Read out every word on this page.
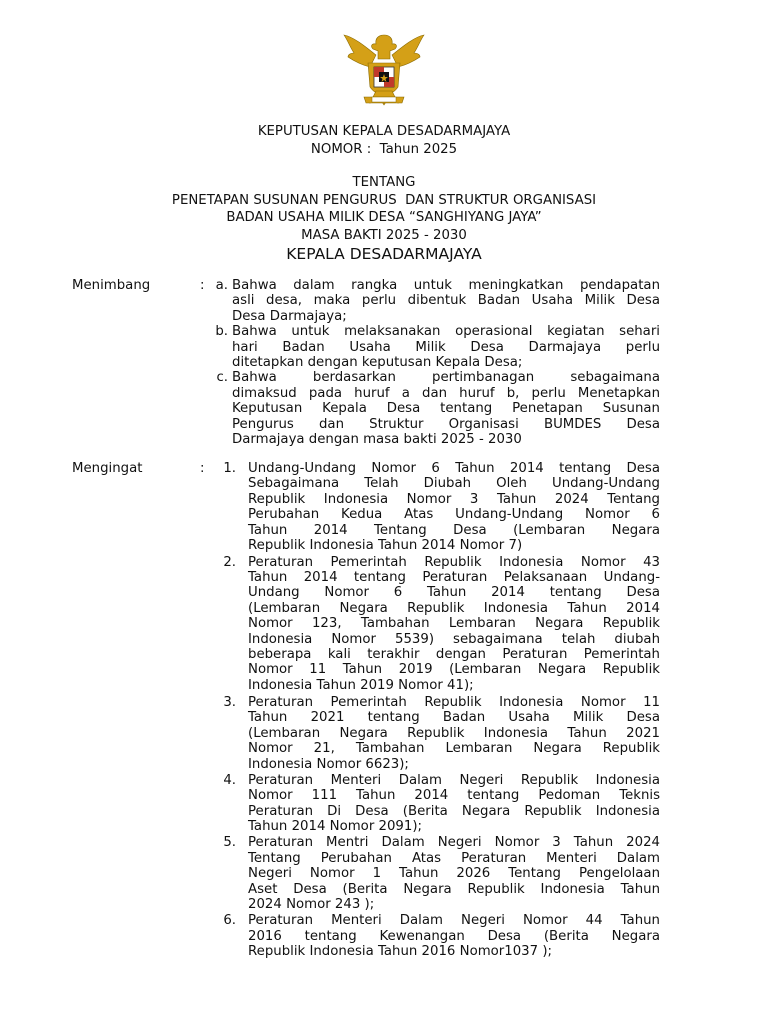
KEPUTUSAN KEPALA DESADARMAJAYA
NOMOR :  Tahun 2025
TENTANG
PENETAPAN SUSUNAN PENGURUS  DAN STRUKTUR ORGANISASI
BADAN USAHA MILIK DESA “SANGHIYANG JAYA”
MASA BAKTI 2025 - 2030
KEPALA DESADARMAJAYA
Menimbang	: a. Bahwa dalam rangka untuk meningkatkan pendapatan
asli desa, maka perlu dibentuk Badan Usaha Milik Desa
Desa Darmajaya;
b. Bahwa untuk melaksanakan operasional kegiatan sehari
hari Badan Usaha Milik Desa Darmajaya perlu
ditetapkan dengan keputusan Kepala Desa;
c. Bahwa berdasarkan pertimbanagan sebagaimana
dimaksud pada huruf a dan huruf b, perlu Menetapkan
Keputusan Kepala Desa tentang Penetapan Susunan
Pengurus dan Struktur Organisasi BUMDES Desa
Darmajaya dengan masa bakti 2025 - 2030
Mengingat	:	1. Undang-Undang Nomor 6 Tahun 2014 tentang Desa
Sebagaimana Telah Diubah Oleh Undang-Undang
Republik Indonesia Nomor 3 Tahun 2024 Tentang
Perubahan Kedua Atas Undang-Undang Nomor 6
Tahun 2014 Tentang Desa (Lembaran Negara
Republik Indonesia Tahun 2014 Nomor 7)
2. Peraturan Pemerintah Republik Indonesia Nomor 43
Tahun 2014 tentang Peraturan Pelaksanaan Undang-
Undang Nomor 6 Tahun 2014 tentang Desa
(Lembaran Negara Republik Indonesia Tahun 2014
Nomor 123, Tambahan Lembaran Negara Republik
Indonesia Nomor 5539) sebagaimana telah diubah
beberapa kali terakhir dengan Peraturan Pemerintah
Nomor 11 Tahun 2019 (Lembaran Negara Republik
Indonesia Tahun 2019 Nomor 41);
3. Peraturan Pemerintah Republik Indonesia Nomor 11
Tahun 2021 tentang Badan Usaha Milik Desa
(Lembaran Negara Republik Indonesia Tahun 2021
Nomor 21, Tambahan Lembaran Negara Republik
Indonesia Nomor 6623);
4. Peraturan Menteri Dalam Negeri Republik Indonesia
Nomor 111 Tahun 2014 tentang Pedoman Teknis
Peraturan Di Desa (Berita Negara Republik Indonesia
Tahun 2014 Nomor 2091);
5. Peraturan Mentri Dalam Negeri Nomor 3 Tahun 2024
Tentang Perubahan Atas Peraturan Menteri Dalam
Negeri Nomor 1 Tahun 2026 Tentang Pengelolaan
Aset Desa (Berita Negara Republik Indonesia Tahun
2024 Nomor 243 );
6. Peraturan Menteri Dalam Negeri Nomor 44 Tahun
2016 tentang Kewenangan Desa (Berita Negara
Republik Indonesia Tahun 2016 Nomor1037 );
